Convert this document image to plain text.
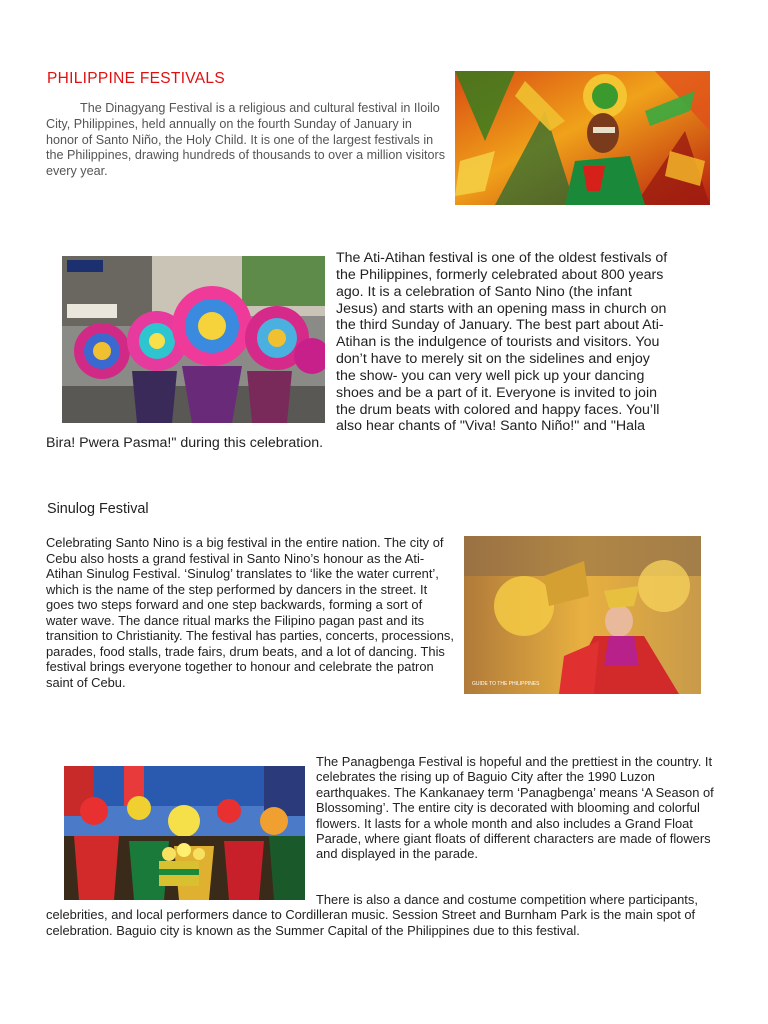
PHILIPPINE FESTIVALS

The Dinagyang Festival is a religious and cultural festival in Iloilo City, Philippines, held annually on the fourth Sunday of January in honor of Santo Niño, the Holy Child. It is one of the largest festivals in the Philippines, drawing hundreds of thousands to over a million visitors every year.

The Ati-Atihan festival is one of the oldest festivals of
the Philippines, formerly celebrated about 800 years
ago. It is a celebration of Santo Nino (the infant
Jesus) and starts with an opening mass in church on
the third Sunday of January. The best part about Ati-
Atihan is the indulgence of tourists and visitors. You
don’t have to merely sit on the sidelines and enjoy
the show- you can very well pick up your dancing
shoes and be a part of it. Everyone is invited to join
the drum beats with colored and happy faces. You’ll
also hear chants of "Viva! Santo Niño!" and "Hala
Bira! Pwera Pasma!" during this celebration.
Sinulog Festival

Celebrating Santo Nino is a big festival in the entire nation. The city of Cebu also hosts a grand festival in Santo Nino’s honour as the Ati-Atihan Sinulog Festival. ‘Sinulog’ translates to ‘like the water current’, which is the name of the step performed by dancers in the street. It goes two steps forward and one step backwards, forming a sort of water wave. The dance ritual marks the Filipino pagan past and its transition to Christianity. The festival has parties, concerts, processions, parades, food stalls, trade fairs, drum beats, and a lot of dancing. This festival brings everyone together to honour and celebrate the patron saint of Cebu.	GUIDE TO THE PHILIPPINES

The Panagbenga Festival is hopeful and the prettiest in the country. It celebrates the rising up of Baguio City after the 1990 Luzon earthquakes. The Kankanaey term ‘Panagbenga’ means ‘A Season of Blossoming’. The entire city is decorated with blooming and colorful flowers. It lasts for a whole month and also includes a Grand Float Parade, where giant floats of different characters are made of flowers and displayed in the parade.

There is also a dance and costume competition where participants, celebrities, and local performers dance to Cordilleran music. Session Street and Burnham Park is the main spot of celebration. Baguio city is known as the Summer Capital of the Philippines due to this festival.
